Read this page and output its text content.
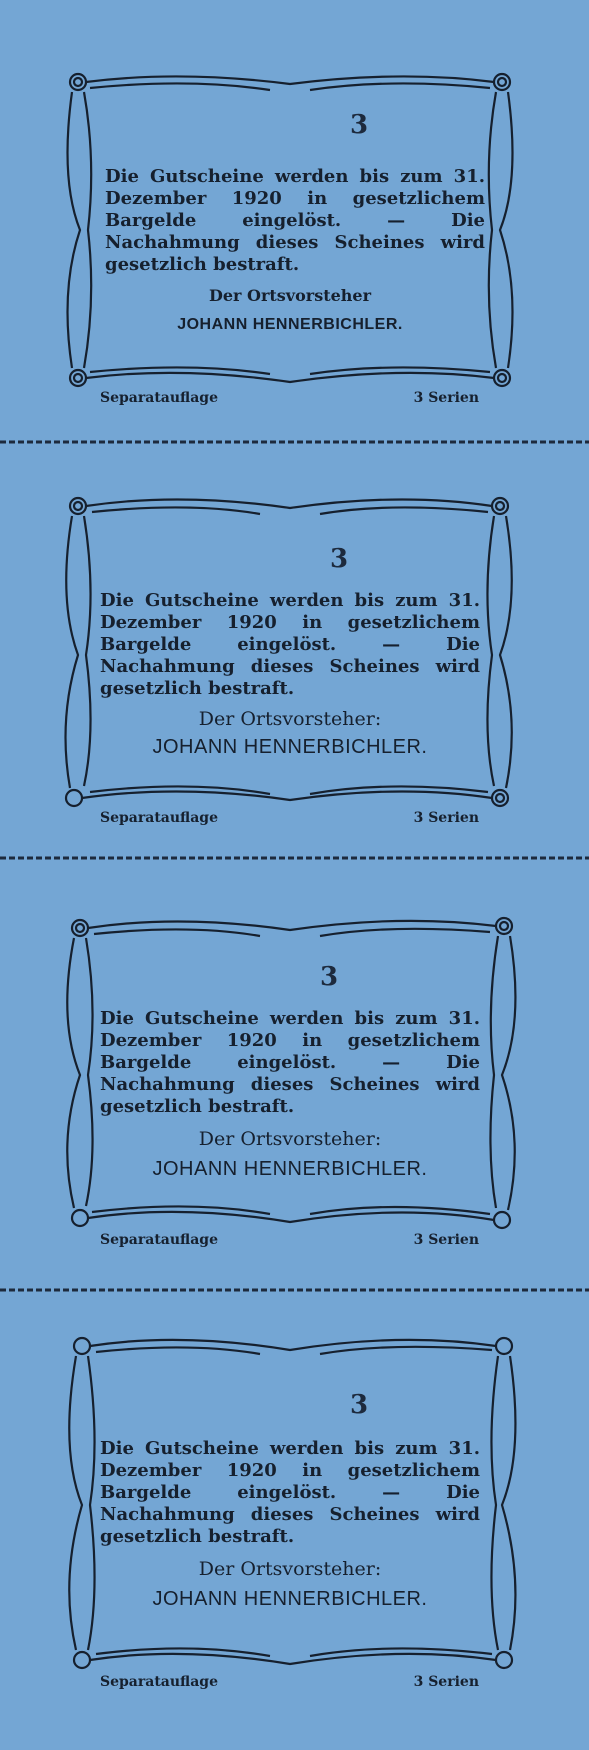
3
Die Gutscheine werden bis zum 31. Dezember 1920 in gesetzlichem Bargelde eingelöst. — Die Nachahmung dieses Scheines wird gesetzlich bestraft.
Der Ortsvorsteher
JOHANN HENNERBICHLER.
Separatauflage	3 Serien
3
Die Gutscheine werden bis zum 31. Dezember 1920 in gesetzlichem Bargelde eingelöst. — Die Nachahmung dieses Scheines wird gesetzlich bestraft.
Der Ortsvorsteher:
JOHANN HENNERBICHLER.
Separatauflage	3 Serien
3
Die Gutscheine werden bis zum 31. Dezember 1920 in gesetzlichem Bargelde eingelöst. — Die Nachahmung dieses Scheines wird gesetzlich bestraft.
Der Ortsvorsteher:
JOHANN HENNERBICHLER.
Separatauflage	3 Serien
3
Die Gutscheine werden bis zum 31. Dezember 1920 in gesetzlichem Bargelde eingelöst. — Die Nachahmung dieses Scheines wird gesetzlich bestraft.
Der Ortsvorsteher:
JOHANN HENNERBICHLER.
Separatauflage	3 Serien
